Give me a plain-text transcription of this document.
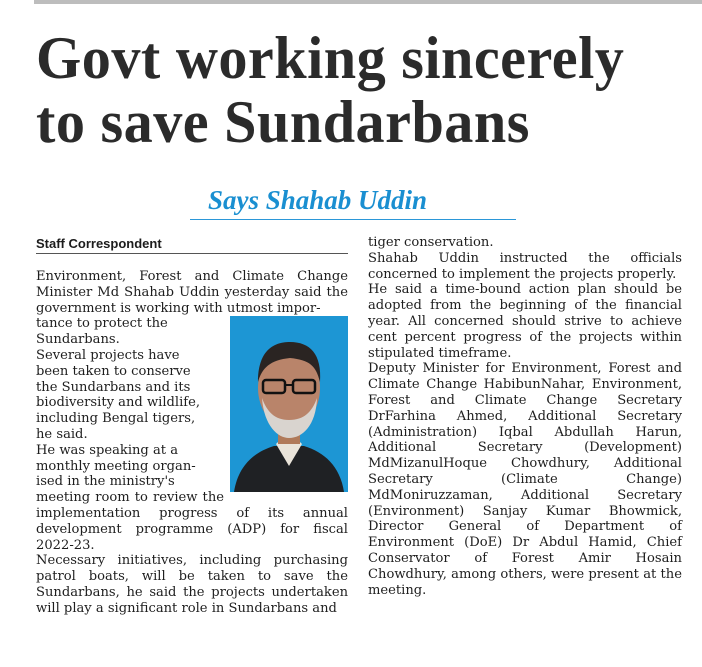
Govt working sincerely
to save Sundarbans
Says Shahab Uddin

Staff Correspondent

Environment, Forest and Climate Change Minister Md Shahab Uddin yesterday said the government is working with utmost impor-

tance to protect the
Sundarbans.
Several projects have
been taken to conserve
the Sundarbans and its
biodiversity and wildlife,
including Bengal tigers,
he said.
He was speaking at a
monthly meeting organ-
ised in the ministry's

meeting room to review the implementation progress of its annual development programme (ADP) for fiscal 2022-23.

Necessary initiatives, including purchasing patrol boats, will be taken to save the Sundarbans, he said the projects undertaken will play a significant role in Sundarbans and

tiger conservation.

Shahab Uddin instructed the officials concerned to implement the projects properly.

He said a time-bound action plan should be adopted from the beginning of the financial year. All concerned should strive to achieve cent percent progress of the projects within stipulated timeframe.

Deputy Minister for Environment, Forest and Climate Change HabibunNahar, Environment, Forest and Climate Change Secretary DrFarhina Ahmed, Additional Secretary (Administration) Iqbal Abdullah Harun, Additional Secretary (Development) MdMizanulHoque Chowdhury, Additional Secretary (Climate Change) MdMoniruzzaman, Additional Secretary (Environment) Sanjay Kumar Bhowmick, Director General of Department of Environment (DoE) Dr Abdul Hamid, Chief Conservator of Forest Amir Hosain Chowdhury, among others, were present at the meeting.
